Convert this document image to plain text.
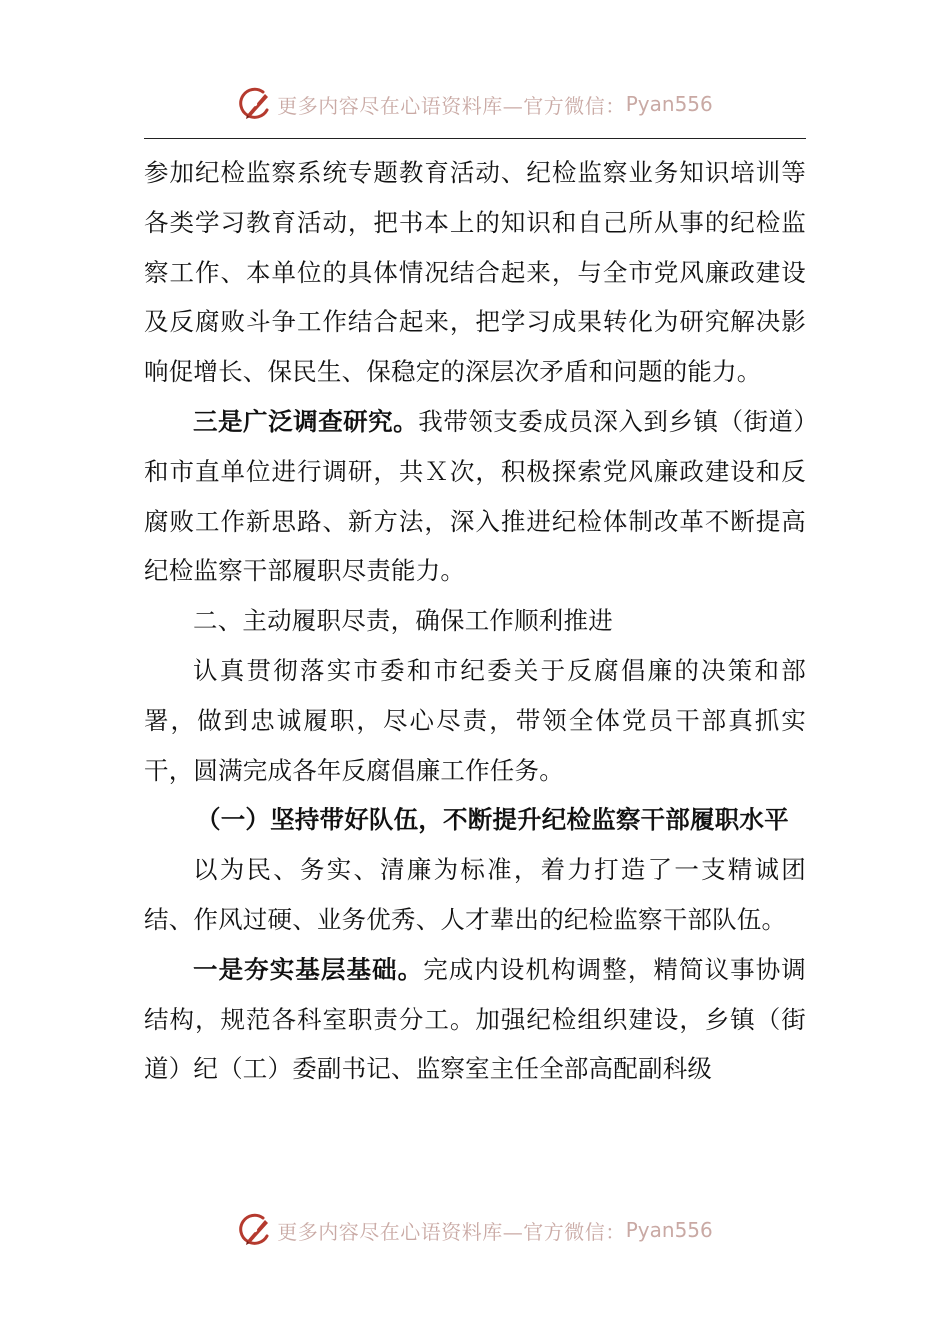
更多内容尽在心语资料库—官方微信： Pyan556

参加纪检监察系统专题教育活动、纪检监察业务知识培训等各类学习教育活动，把书本上的知识和自己所从事的纪检监察工作、本单位的具体情况结合起来，与全市党风廉政建设及反腐败斗争工作结合起来，把学习成果转化为研究解决影响促增长、保民生、保稳定的深层次矛盾和问题的能力。

三是广泛调查研究。我带领支委成员深入到乡镇（街道）和市直单位进行调研，共Ｘ次，积极探索党风廉政建设和反腐败工作新思路、新方法，深入推进纪检体制改革不断提高纪检监察干部履职尽责能力。

二、主动履职尽责，确保工作顺利推进

认真贯彻落实市委和市纪委关于反腐倡廉的决策和部署，做到忠诚履职，尽心尽责，带领全体党员干部真抓实干，圆满完成各年反腐倡廉工作任务。

（一）坚持带好队伍，不断提升纪检监察干部履职水平

以为民、务实、清廉为标准，着力打造了一支精诚团结、作风过硬、业务优秀、人才辈出的纪检监察干部队伍。

一是夯实基层基础。完成内设机构调整，精简议事协调结构，规范各科室职责分工。加强纪检组织建设，乡镇（街道）纪（工）委副书记、监察室主任全部高配副科级

更多内容尽在心语资料库—官方微信： Pyan556
